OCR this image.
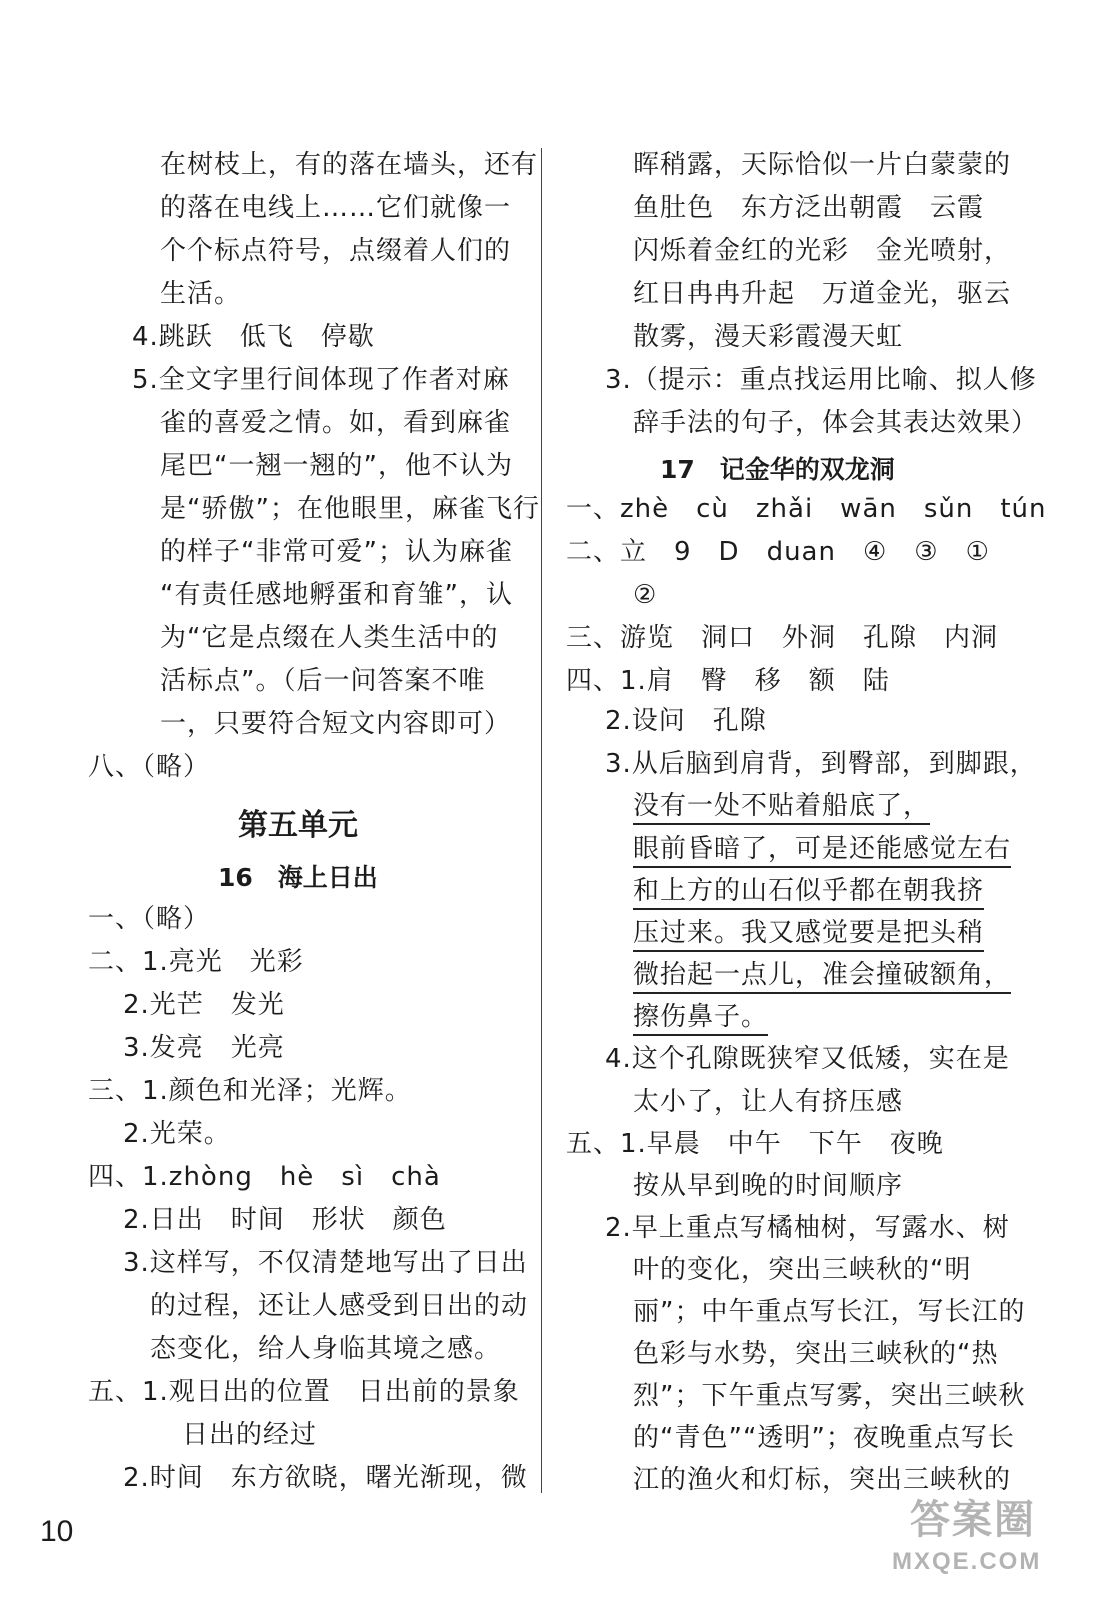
在树枝上，有的落在墙头，还有
的落在电线上……它们就像一
个个标点符号，点缀着人们的
生活。
4.跳跃　低飞　停歇
5.全文字里行间体现了作者对麻
雀的喜爱之情。如，看到麻雀
尾巴“一翘一翘的”，他不认为
是“骄傲”；在他眼里，麻雀飞行
的样子“非常可爱”；认为麻雀
“有责任感地孵蛋和育雏”，认
为“它是点缀在人类生活中的
活标点”。（后一问答案不唯
一，只要符合短文内容即可）
八、（略）
第五单元
16　海上日出
一、（略）
二、1.亮光　光彩
2.光芒　发光
3.发亮　光亮
三、1.颜色和光泽；光辉。
2.光荣。
四、1.zhòng　hè　sì　chà
2.日出　时间　形状　颜色
3.这样写，不仅清楚地写出了日出
的过程，还让人感受到日出的动
态变化，给人身临其境之感。
五、1.观日出的位置　日出前的景象
日出的经过
2.时间　东方欲晓，曙光渐现，微
晖稍露，天际恰似一片白蒙蒙的
鱼肚色　东方泛出朝霞　云霞
闪烁着金红的光彩　金光喷射，
红日冉冉升起　万道金光，驱云
散雾，漫天彩霞漫天虹
3.（提示：重点找运用比喻、拟人修
辞手法的句子，体会其表达效果）
17　记金华的双龙洞
一、zhè　cù　zhǎi　wān　sǔn　tún
二、立　9　D　duan　④　③　①
②
三、游览　洞口　外洞　孔隙　内洞
四、1.肩　臀　移　额　陆
2.设问　孔隙
3.从后脑到肩背，到臀部，到脚跟，
没有一处不贴着船底了，
眼前昏暗了，可是还能感觉左右
和上方的山石似乎都在朝我挤
压过来。我又感觉要是把头稍
微抬起一点儿，准会撞破额角，
擦伤鼻子。
4.这个孔隙既狭窄又低矮，实在是
太小了，让人有挤压感
五、1.早晨　中午　下午　夜晚
按从早到晚的时间顺序
2.早上重点写橘柚树，写露水、树
叶的变化，突出三峡秋的“明
丽”；中午重点写长江，写长江的
色彩与水势，突出三峡秋的“热
烈”；下午重点写雾，突出三峡秋
的“青色”“透明”；夜晚重点写长
江的渔火和灯标，突出三峡秋的
10	答案圈
MXQE.COM
